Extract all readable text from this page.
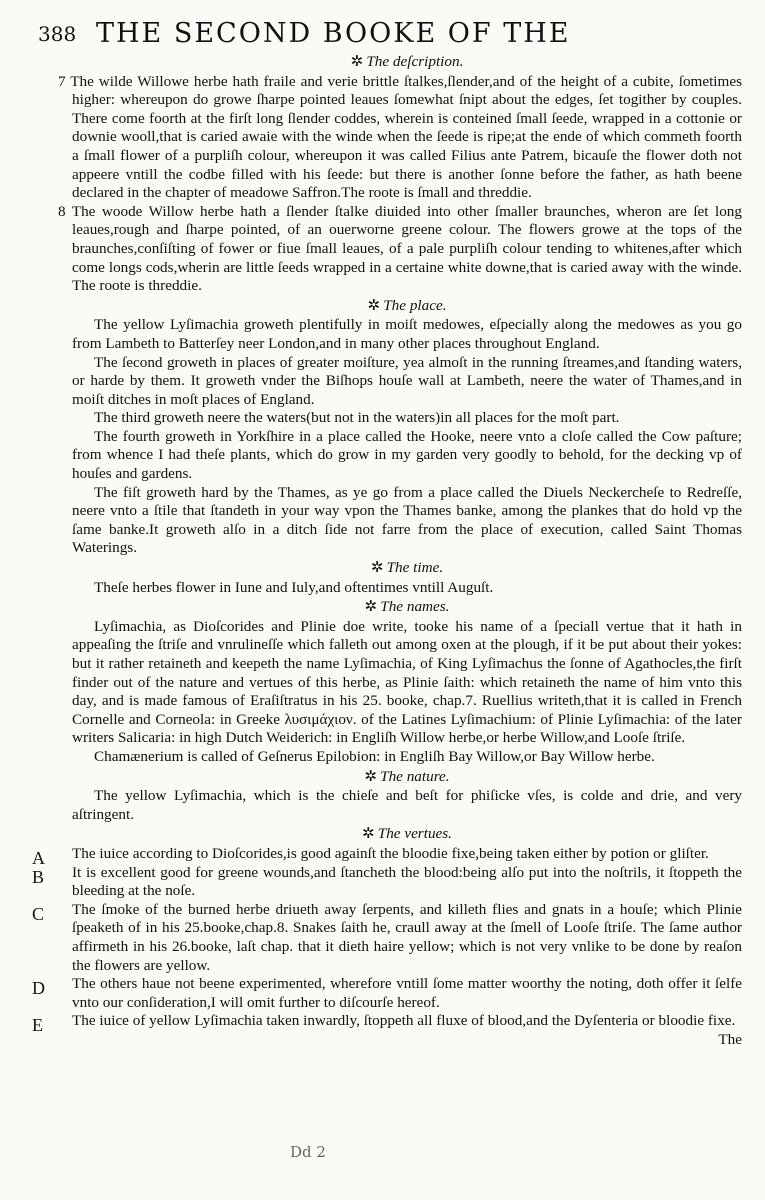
388 THE SECOND BOOKE OF THE
✲ The deſcription.

7 The wilde Willowe herbe hath fraile and verie brittle ſtalkes,ſlender,and of the height of a cubite, ſometimes higher: whereupon do growe ſharpe pointed leaues ſomewhat ſnipt about the edges, ſet togither by couples. There come foorth at the firſt long ſlender coddes, wherein is conteined ſmall ſeede, wrapped in a cottonie or downie wooll,that is caried awaie with the winde when the ſeede is ripe;at the ende of which commeth foorth a ſmall flower of a purpliſh colour, whereupon it was called Filius ante Patrem, bicauſe the flower doth not appeere vntill the codbe filled with his ſeede: but there is another ſonne before the father, as hath beene declared in the chapter of meadowe Saffron.The roote is ſmall and threddie.

8 The woode Willow herbe hath a ſlender ſtalke diuided into other ſmaller braunches, wheron are ſet long leaues,rough and ſharpe pointed, of an ouerworne greene colour. The flowers growe at the tops of the braunches,conſiſting of fower or fiue ſmall leaues, of a pale purpliſh colour tending to whitenes,after which come longs cods,wherin are little ſeeds wrapped in a certaine white downe,that is caried away with the winde. The roote is threddie.

✲ The place.

The yellow Lyſimachia groweth plentifully in moiſt medowes, eſpecially along the medowes as you go from Lambeth to Batterſey neer London,and in many other places throughout England.

The ſecond groweth in places of greater moiſture, yea almoſt in the running ſtreames,and ſtanding waters, or harde by them. It groweth vnder the Biſhops houſe wall at Lambeth, neere the water of Thames,and in moiſt ditches in moſt places of England.

The third groweth neere the waters(but not in the waters)in all places for the moſt part.

The fourth groweth in Yorkſhire in a place called the Hooke, neere vnto a cloſe called the Cow paſture; from whence I had theſe plants, which do grow in my garden very goodly to behold, for the decking vp of houſes and gardens.

The fiſt groweth hard by the Thames, as ye go from a place called the Diuels Neckercheſe to Redreſſe, neere vnto a ſtile that ſtandeth in your way vpon the Thames banke, among the plankes that do hold vp the ſame banke.It groweth alſo in a ditch ſide not farre from the place of execution, called Saint Thomas Waterings.

✲ The time.

Theſe herbes flower in Iune and Iuly,and oftentimes vntill Auguſt.

✲ The names.

Lyſimachia, as Dioſcorides and Plinie doe write, tooke his name of a ſpeciall vertue that it hath in appeaſing the ſtriſe and vnrulineſſe which falleth out among oxen at the plough, if it be put about their yokes: but it rather retaineth and keepeth the name Lyſimachia, of King Lyſimachus the ſonne of Agathocles,the firſt finder out of the nature and vertues of this herbe, as Plinie ſaith: which retaineth the name of him vnto this day, and is made famous of Eraſiſtratus in his 25. booke, chap.7. Ruellius writeth,that it is called in French Cornelle and Corneola: in Greeke λυσιμάχιον. of the Latines Lyſimachium: of Plinie Lyſimachia: of the later writers Salicaria: in high Dutch Weiderich: in Engliſh Willow herbe,or herbe Willow,and Looſe ſtriſe.

Chamænerium is called of Geſnerus Epilobion: in Engliſh Bay Willow,or Bay Willow herbe.

✲ The nature.

The yellow Lyſimachia, which is the chieſe and beſt for phiſicke vſes, is colde and drie, and very aſtringent.

✲ The vertues.
A The iuice according to Dioſcorides,is good againſt the bloodie fixe,being taken either by potion or gliſter.
B It is excellent good for greene wounds,and ſtancheth the blood:being alſo put into the noſtrils, it ſtoppeth the bleeding at the noſe.
C The ſmoke of the burned herbe driueth away ſerpents, and killeth flies and gnats in a houſe; which Plinie ſpeaketh of in his 25.booke,chap.8. Snakes ſaith he, craull away at the ſmell of Looſe ſtriſe. The ſame author affirmeth in his 26.booke, laſt chap. that it dieth haire yellow; which is not very vnlike to be done by reaſon the flowers are yellow.
D The others haue not beene experimented, wherefore vntill ſome matter woorthy the noting, doth offer it ſelfe vnto our conſideration,I will omit further to diſcourſe hereof.
E The iuice of yellow Lyſimachia taken inwardly, ſtoppeth all fluxe of blood,and the Dyſenteria or bloodie fixe.
The
Dd 2
